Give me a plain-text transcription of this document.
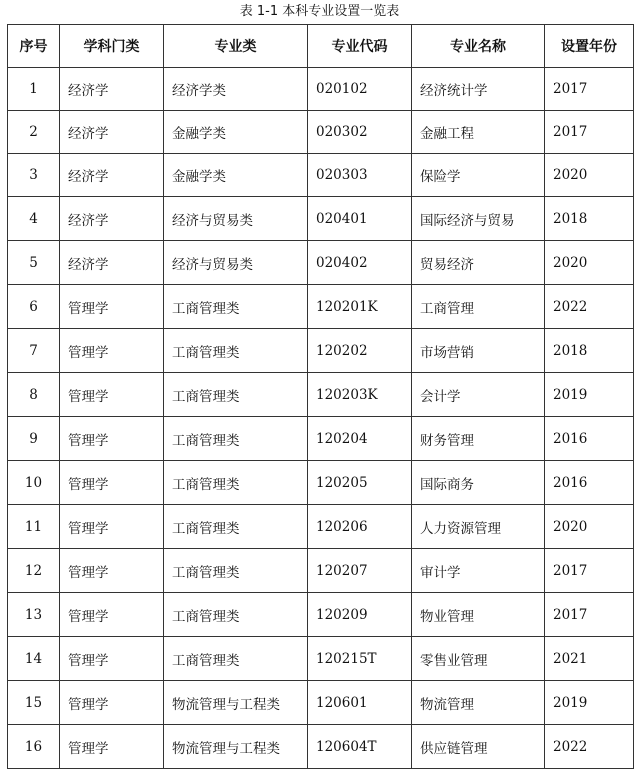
表 1-1 本科专业设置一览表
序号	学科门类	专业类	专业代码	专业名称	设置年份
1	经济学	经济学类	020102	经济统计学	2017
2	经济学	金融学类	020302	金融工程	2017
3	经济学	金融学类	020303	保险学	2020
4	经济学	经济与贸易类	020401	国际经济与贸易	2018
5	经济学	经济与贸易类	020402	贸易经济	2020
6	管理学	工商管理类	120201K	工商管理	2022
7	管理学	工商管理类	120202	市场营销	2018
8	管理学	工商管理类	120203K	会计学	2019
9	管理学	工商管理类	120204	财务管理	2016
10	管理学	工商管理类	120205	国际商务	2016
11	管理学	工商管理类	120206	人力资源管理	2020
12	管理学	工商管理类	120207	审计学	2017
13	管理学	工商管理类	120209	物业管理	2017
14	管理学	工商管理类	120215T	零售业管理	2021
15	管理学	物流管理与工程类	120601	物流管理	2019
16	管理学	物流管理与工程类	120604T	供应链管理	2022
